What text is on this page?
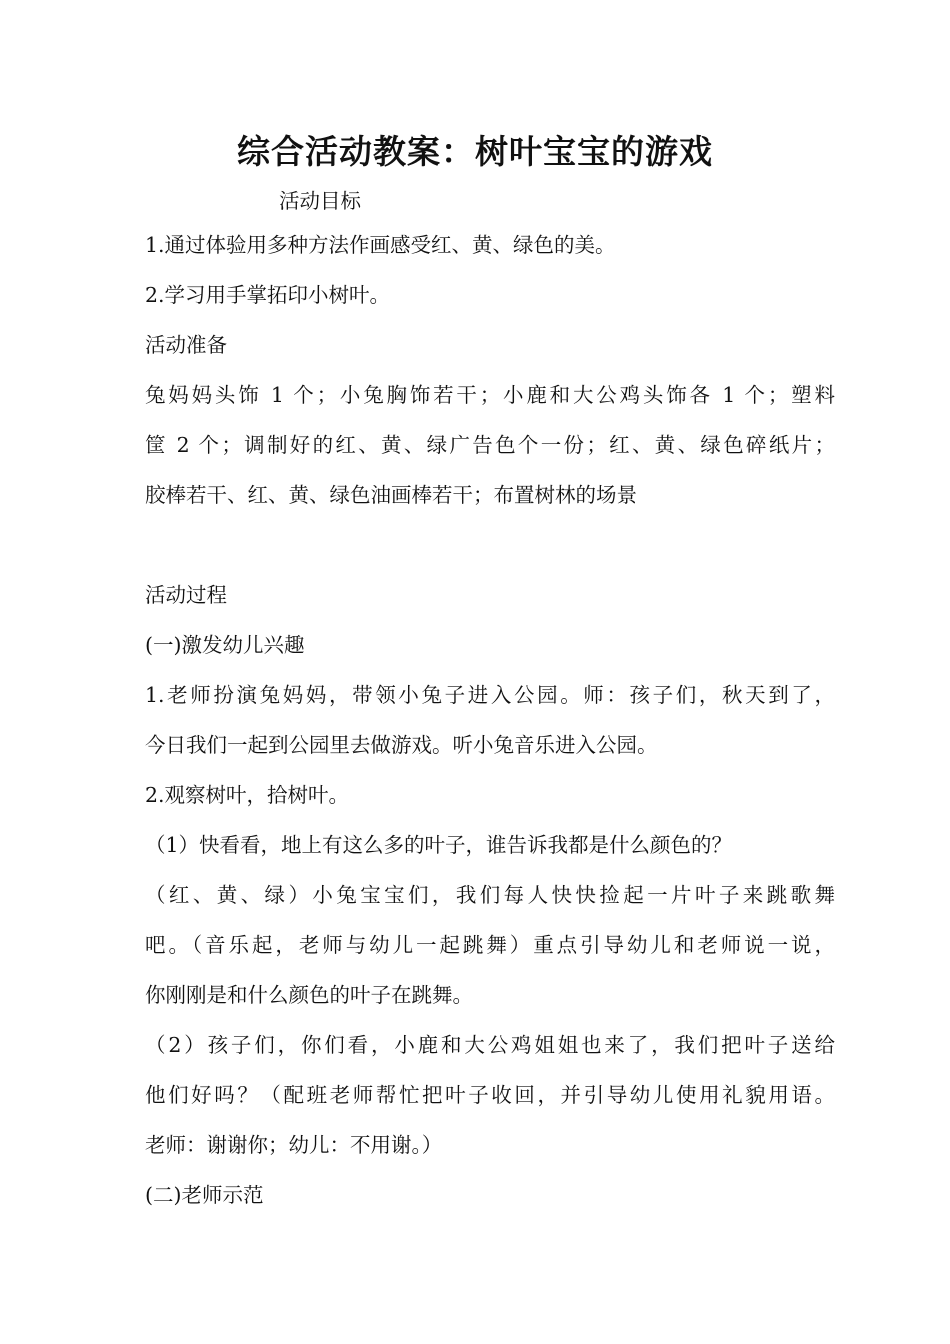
综合活动教案：树叶宝宝的游戏

活动目标

1.通过体验用多种方法作画感受红、黄、绿色的美。

2.学习用手掌拓印小树叶。

活动准备

兔妈妈头饰 1 个；小兔胸饰若干；小鹿和大公鸡头饰各 1 个；塑料

筐 2 个；调制好的红、黄、绿广告色个一份；红、黄、绿色碎纸片；

胶棒若干、红、黄、绿色油画棒若干；布置树林的场景

活动过程

(一)激发幼儿兴趣

1.老师扮演兔妈妈，带领小兔子进入公园。师：孩子们，秋天到了，

今日我们一起到公园里去做游戏。听小兔音乐进入公园。

2.观察树叶，拾树叶。

（1）快看看，地上有这么多的叶子，谁告诉我都是什么颜色的？

（红、黄、绿）小兔宝宝们，我们每人快快捡起一片叶子来跳歌舞

吧。（音乐起，老师与幼儿一起跳舞）重点引导幼儿和老师说一说，

你刚刚是和什么颜色的叶子在跳舞。

（2）孩子们，你们看，小鹿和大公鸡姐姐也来了，我们把叶子送给

他们好吗？（配班老师帮忙把叶子收回，并引导幼儿使用礼貌用语。

老师：谢谢你；幼儿：不用谢。）

(二)老师示范
